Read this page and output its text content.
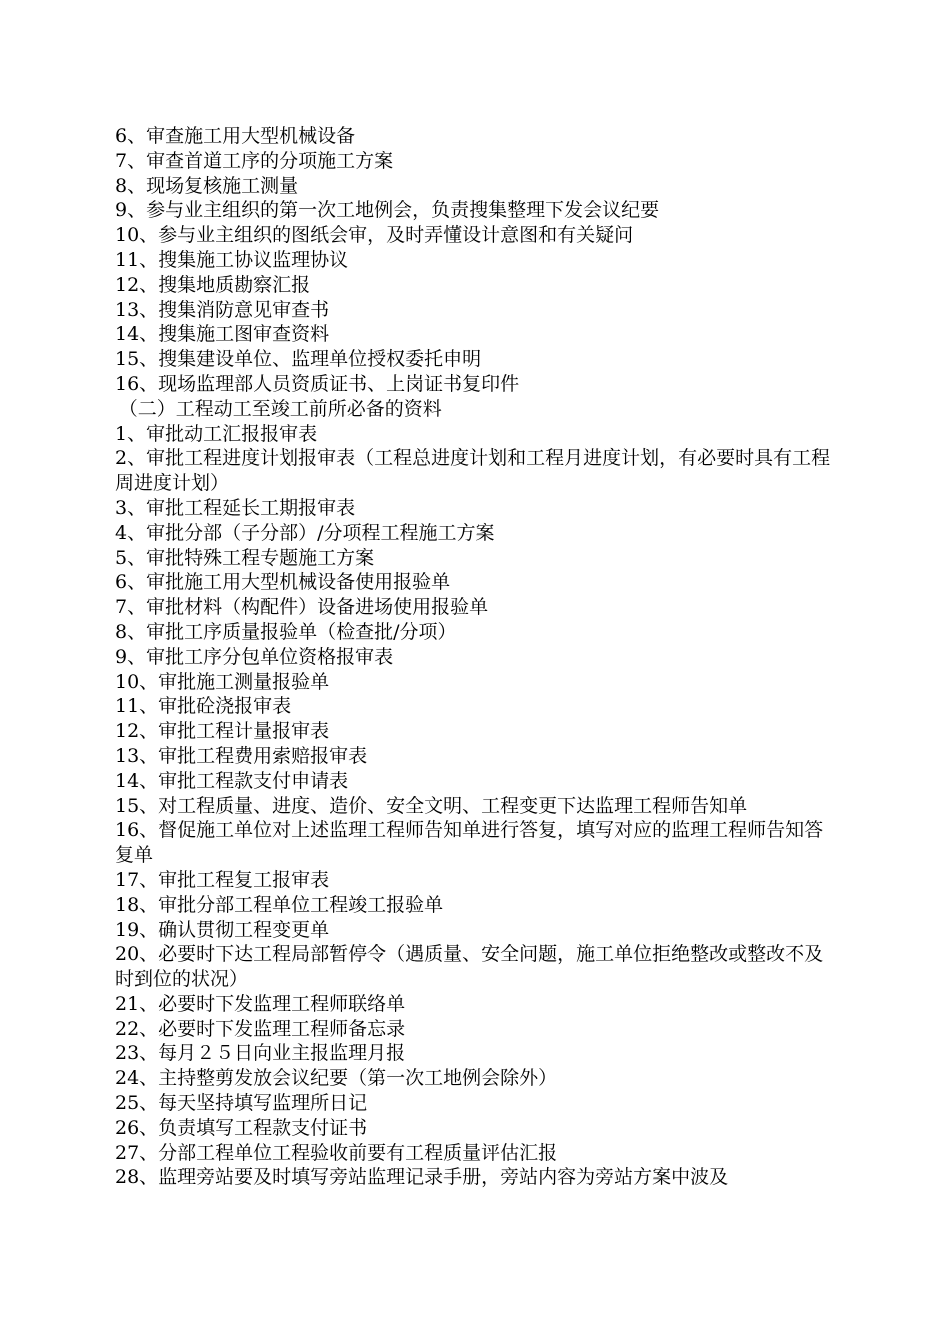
6、审查施工用大型机械设备
7、审查首道工序的分项施工方案
8、现场复核施工测量
9、参与业主组织的第一次工地例会，负责搜集整理下发会议纪要
10、参与业主组织的图纸会审，及时弄懂设计意图和有关疑问
11、搜集施工协议监理协议
12、搜集地质勘察汇报
13、搜集消防意见审查书
14、搜集施工图审查资料
15、搜集建设单位、监理单位授权委托申明
16、现场监理部人员资质证书、上岗证书复印件
（二）工程动工至竣工前所必备的资料
1、审批动工汇报报审表
2、审批工程进度计划报审表（工程总进度计划和工程月进度计划，有必要时具有工程周进度计划）
3、审批工程延长工期报审表
4、审批分部（子分部）/分项程工程施工方案
5、审批特殊工程专题施工方案
6、审批施工用大型机械设备使用报验单
7、审批材料（构配件）设备进场使用报验单
8、审批工序质量报验单（检查批/分项）
9、审批工序分包单位资格报审表
10、审批施工测量报验单
11、审批砼浇报审表
12、审批工程计量报审表
13、审批工程费用索赔报审表
14、审批工程款支付申请表
15、对工程质量、进度、造价、安全文明、工程变更下达监理工程师告知单
16、督促施工单位对上述监理工程师告知单进行答复，填写对应的监理工程师告知答复单
17、审批工程复工报审表
18、审批分部工程单位工程竣工报验单
19、确认贯彻工程变更单
20、必要时下达工程局部暂停令（遇质量、安全问题，施工单位拒绝整改或整改不及时到位的状况）
21、必要时下发监理工程师联络单
22、必要时下发监理工程师备忘录
23、每月２５日向业主报监理月报
24、主持整剪发放会议纪要（第一次工地例会除外）
25、每天坚持填写监理所日记
26、负责填写工程款支付证书
27、分部工程单位工程验收前要有工程质量评估汇报
28、监理旁站要及时填写旁站监理记录手册，旁站内容为旁站方案中波及
